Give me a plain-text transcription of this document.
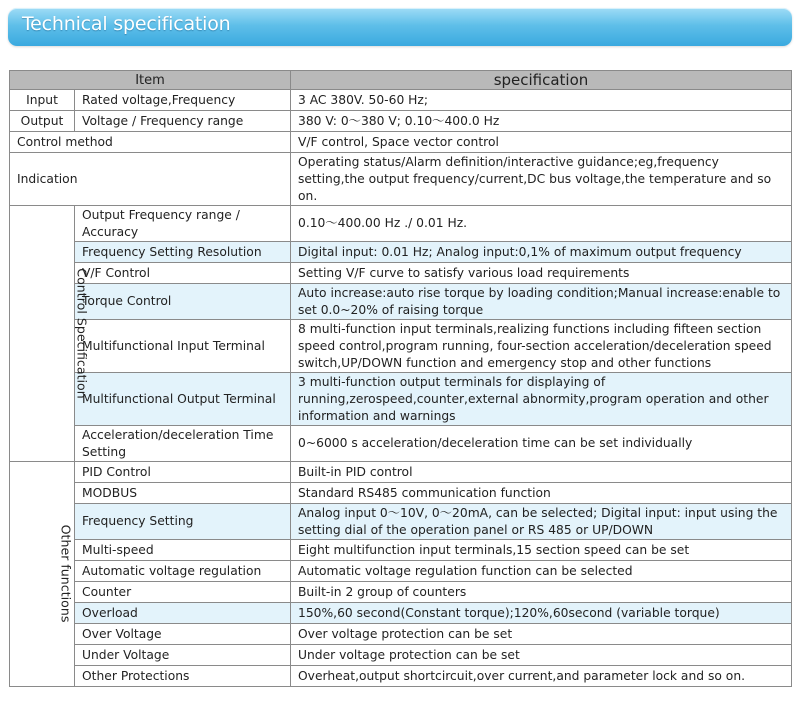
Technical specification
Item		specification
Input	Rated voltage,Frequency	3 AC 380V. 50-60 Hz;
Output	Voltage / Frequency range	380 V: 0～380 V; 0.10～400.0 Hz
Control method		V/F control, Space vector control
Indication		Operating status/Alarm definition/interactive guidance;eg,frequency setting,the output frequency/current,DC bus voltage,the temperature and so on.
Control Specification	Output Frequency range / Accuracy	0.10～400.00 Hz ./ 0.01 Hz.
	Frequency Setting Resolution	Digital input: 0.01 Hz; Analog input:0,1% of maximum output frequency
	V/F Control	Setting V/F curve to satisfy various load requirements
	Torque Control	Auto increase:auto rise torque by loading condition;Manual increase:enable to set 0.0~20% of raising torque
	Multifunctional Input Terminal	8 multi-function input terminals,realizing functions including fifteen section speed control,program running, four-section acceleration/deceleration speed switch,UP/DOWN function and emergency stop and other functions
	Multifunctional Output Terminal	3 multi-function output terminals for displaying of running,zerospeed,counter,external abnormity,program operation and other information and warnings
	Acceleration/deceleration Time Setting	0~6000 s acceleration/deceleration time can be set individually
Other functions	PID Control	Built-in PID control
	MODBUS	Standard RS485 communication function
	Frequency Setting	Analog input 0～10V, 0～20mA, can be selected; Digital input: input using the setting dial of the operation panel or RS 485 or UP/DOWN
	Multi-speed	Eight multifunction input terminals,15 section speed can be set
	Automatic voltage regulation	Automatic voltage regulation function can be selected
	Counter	Built-in 2 group of counters
	Overload	150%,60 second(Constant torque);120%,60second (variable torque)
	Over Voltage	Over voltage protection can be set
	Under Voltage	Under voltage protection can be set
	Other Protections	Overheat,output shortcircuit,over current,and parameter lock and so on.
